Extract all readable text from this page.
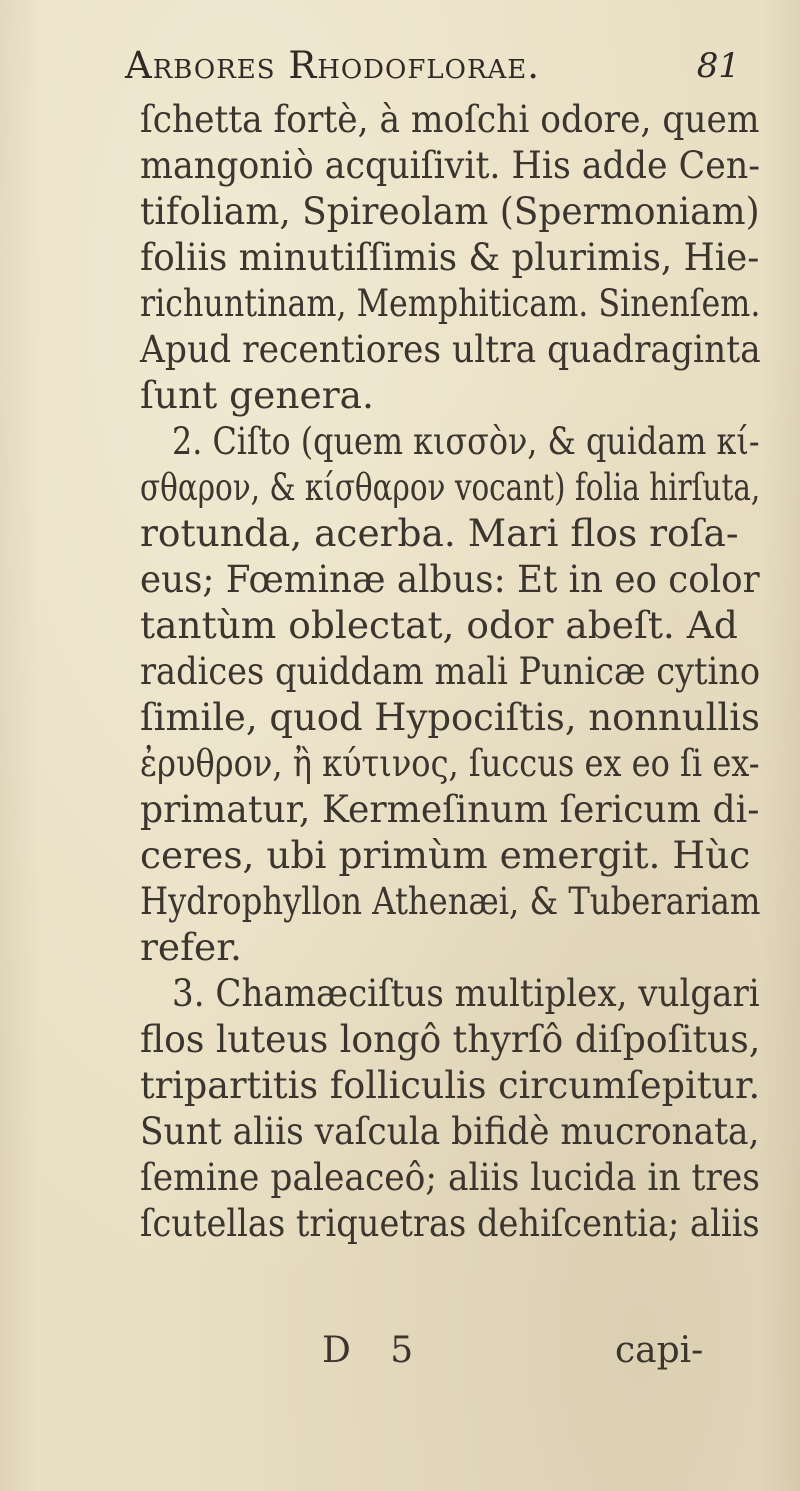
Arbores Rhodoflorae.	81
ſchetta fortè, à moſchi odore, quem
mangoniò acquiſivit. His adde Cen-
tifoliam, Spireolam (Spermoniam)
foliis minutiſſimis & plurimis, Hie-
richuntinam, Memphiticam. Sinenſem.
Apud recentiores ultra quadraginta
ſunt genera.
2. Ciſto (quem κισσὸν, & quidam κί-
σθαρον, & κίσθαρον vocant) folia hirſuta,
rotunda, acerba. Mari flos roſa-
eus; Fœminæ albus: Et in eo color
tantùm oblectat, odor abeſt. Ad
radices quiddam mali Punicæ cytino
ſimile, quod Hypociſtis, nonnullis
ἐρυθρον, ἢ κύτινος, ſuccus ex eo ſi ex-
primatur, Kermeſinum ſericum di-
ceres, ubi primùm emergit. Hùc
Hydrophyllon Athenæi, & Tuberariam
refer.
3. Chamæciſtus multiplex, vulgari
flos luteus longô thyrſô diſpoſitus,
tripartitis folliculis circumſepitur.
Sunt aliis vaſcula bifidè mucronata,
ſemine paleaceô; aliis lucida in tres
ſcutellas triquetras dehiſcentia; aliis
D 5	capi-
